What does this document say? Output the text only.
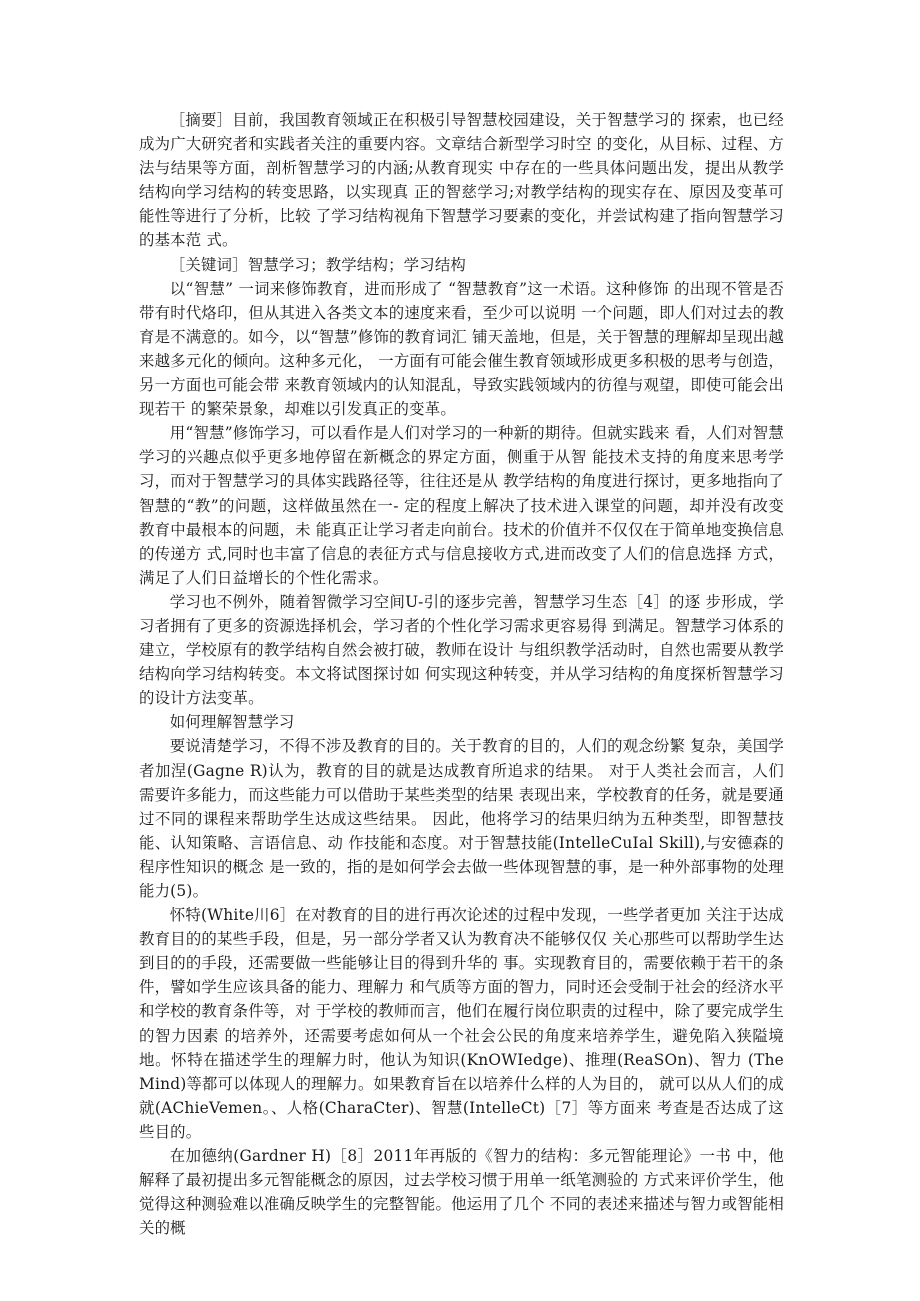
［摘要］目前，我国教育领域正在积极引导智慧校园建设，关于智慧学习的 探索，也已经成为广大研究者和实践者关注的重要内容。文章结合新型学习时空 的变化，从目标、过程、方法与结果等方面，剖析智慧学习的内涵;从教育现实 中存在的一些具体问题出发，提出从教学结构向学习结构的转变思路，以实现真 正的智慈学习;对教学结构的现实存在、原因及变革可能性等进行了分析，比较 了学习结构视角下智慧学习要素的变化，并尝试构建了指向智慧学习的基本范 式。

［关键词］智慧学习；教学结构；学习结构

以“智慧” 一词来修饰教育，进而形成了 “智慧教育”这一术语。这种修饰 的出现不管是否带有时代烙印，但从其进入各类文本的速度来看，至少可以说明 一个问题，即人们对过去的教育是不满意的。如今，以“智慧”修饰的教育词汇 铺天盖地，但是，关于智慧的理解却呈现出越来越多元化的倾向。这种多元化， 一方面有可能会催生教育领域形成更多积极的思考与创造，另一方面也可能会带 来教育领域内的认知混乱，导致实践领域内的彷徨与观望，即使可能会出现若干 的繁荣景象，却难以引发真正的变革。

用“智慧”修饰学习，可以看作是人们对学习的一种新的期待。但就实践来 看，人们对智慧学习的兴趣点似乎更多地停留在新概念的界定方面，侧重于从智 能技术支持的角度来思考学习，而对于智慧学习的具体实践路径等，往往还是从 教学结构的角度进行探讨，更多地指向了智慧的“教”的问题，这样做虽然在一- 定的程度上解决了技术进入课堂的问题，却并没有改变教育中最根本的问题，未 能真正让学习者走向前台。技术的价值并不仅仅在于简单地变换信息的传递方 式,同时也丰富了信息的表征方式与信息接收方式,进而改变了人们的信息选择 方式，满足了人们日益增长的个性化需求。

学习也不例外，随着智微学习空间U-引的逐步完善，智慧学习生态［4］的逐 步形成，学习者拥有了更多的资源选择机会，学习者的个性化学习需求更容易得 到满足。智慧学习体系的建立，学校原有的教学结构自然会被打破，教师在设计 与组织教学活动时，自然也需要从教学结构向学习结构转变。本文将试图探讨如 何实现这种转变，并从学习结构的角度探析智慧学习的设计方法变革。

如何理解智慧学习

要说清楚学习，不得不涉及教育的目的。关于教育的目的，人们的观念纷繁 复杂，美国学者加涅(Gagne R)认为，教育的目的就是达成教育所追求的结果。 对于人类社会而言，人们需要许多能力，而这些能力可以借助于某些类型的结果 表现出来，学校教育的任务，就是要通过不同的课程来帮助学生达成这些结果。 因此，他将学习的结果归纳为五种类型，即智慧技能、认知策略、言语信息、动 作技能和态度。对于智慧技能(IntelleCuIal Skill),与安德森的程序性知识的概念 是一致的，指的是如何学会去做一些体现智慧的事，是一种外部事物的处理能力(5)。

怀特(White川6］在对教育的目的进行再次论述的过程中发现，一些学者更加 关注于达成教育目的的某些手段，但是，另一部分学者又认为教育决不能够仅仅 关心那些可以帮助学生达到目的的手段，还需要做一些能够让目的得到升华的 事。实现教育目的，需要依赖于若干的条件，譬如学生应该具备的能力、理解力 和气质等方面的智力，同时还会受制于社会的经济水平和学校的教育条件等，对 于学校的教师而言，他们在履行岗位职责的过程中，除了要完成学生的智力因素 的培养外，还需要考虑如何从一个社会公民的角度来培养学生，避免陷入狭隘境 地。怀特在描述学生的理解力时，他认为知识(KnOWIedge)、推理(ReaSOn)、智力 (TheMind)等都可以体现人的理解力。如果教育旨在以培养什么样的人为目的， 就可以从人们的成就(AChieVemen。、人格(CharaCter)、智慧(IntelleCt)［7］等方面来 考查是否达成了这些目的。

在加德纳(Gardner H)［8］2011年再版的《智力的结构：多元智能理论》一书 中，他解释了最初提出多元智能概念的原因，过去学校习惯于用单一纸笔测验的 方式来评价学生，他觉得这种测验难以准确反映学生的完整智能。他运用了几个 不同的表述来描述与智力或智能相关的概
